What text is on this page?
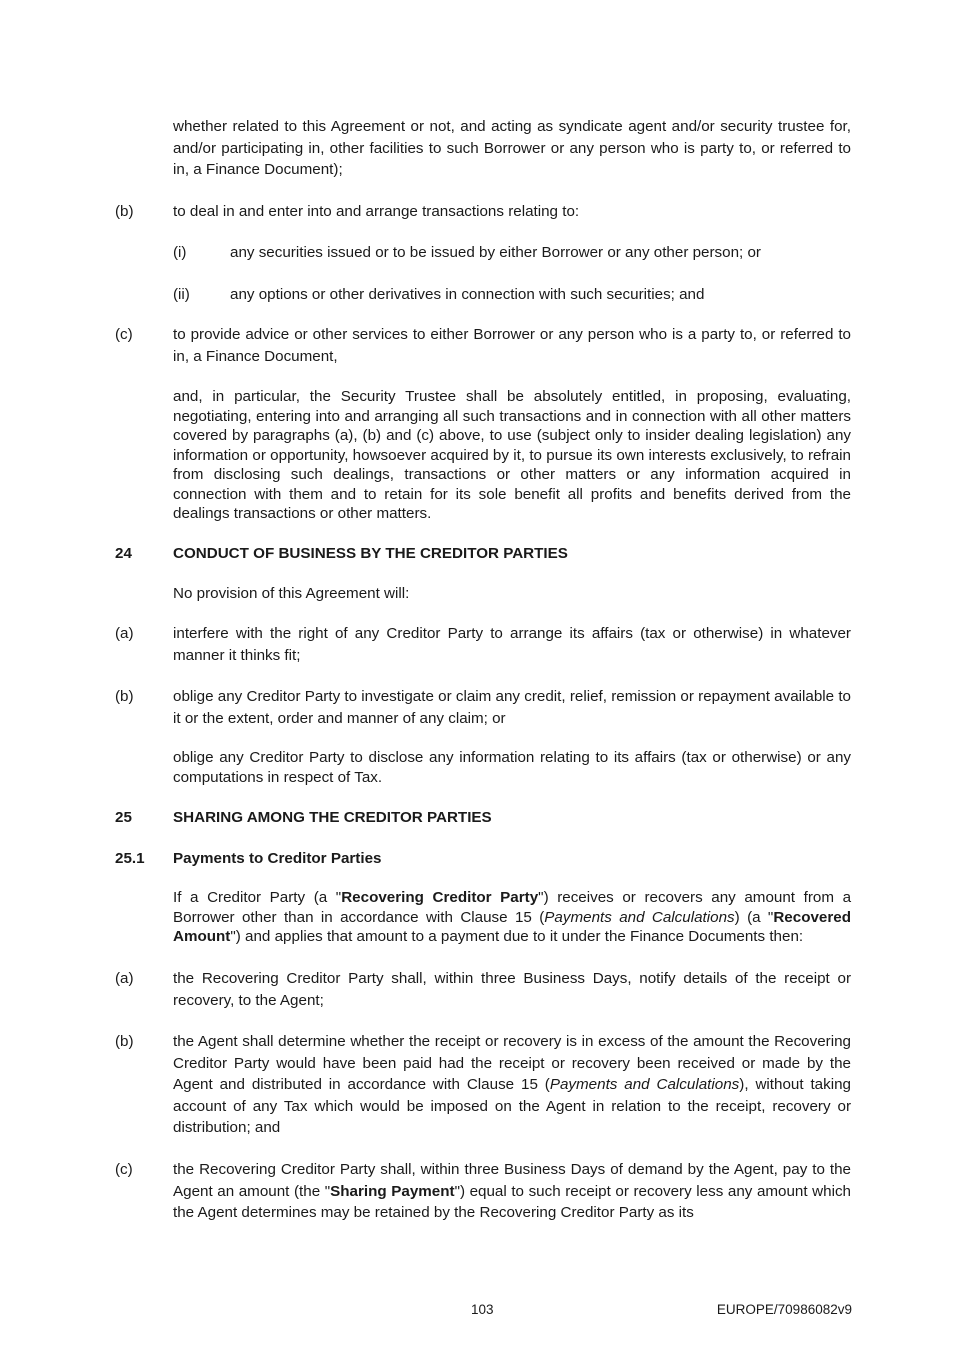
whether related to this Agreement or not, and acting as syndicate agent and/or security trustee for, and/or participating in, other facilities to such Borrower or any person who is party to, or referred to in, a Finance Document);

(b)	to deal in and enter into and arrange transactions relating to:

(i)	any securities issued or to be issued by either Borrower or any other person; or

(ii)	any options or other derivatives in connection with such securities; and

(c)	to provide advice or other services to either Borrower or any person who is a party to, or referred to in, a Finance Document,

and, in particular, the Security Trustee shall be absolutely entitled, in proposing, evaluating, negotiating, entering into and arranging all such transactions and in connection with all other matters covered by paragraphs (a), (b) and (c) above, to use (subject only to insider dealing legislation) any information or opportunity, howsoever acquired by it, to pursue its own interests exclusively, to refrain from disclosing such dealings, transactions or other matters or any information acquired in connection with them and to retain for its sole benefit all profits and benefits derived from the dealings transactions or other matters.

24	CONDUCT OF BUSINESS BY THE CREDITOR PARTIES

No provision of this Agreement will:

(a)	interfere with the right of any Creditor Party to arrange its affairs (tax or otherwise) in whatever manner it thinks fit;

(b)	oblige any Creditor Party to investigate or claim any credit, relief, remission or repayment available to it or the extent, order and manner of any claim; or

oblige any Creditor Party to disclose any information relating to its affairs (tax or otherwise) or any computations in respect of Tax.

25	SHARING AMONG THE CREDITOR PARTIES

25.1 Payments to Creditor Parties

If a Creditor Party (a "Recovering Creditor Party") receives or recovers any amount from a Borrower other than in accordance with Clause 15 (Payments and Calculations) (a "Recovered Amount") and applies that amount to a payment due to it under the Finance Documents then:

(a)	the Recovering Creditor Party shall, within three Business Days, notify details of the receipt or recovery, to the Agent;

(b)	the Agent shall determine whether the receipt or recovery is in excess of the amount the Recovering Creditor Party would have been paid had the receipt or recovery been received or made by the Agent and distributed in accordance with Clause 15 (Payments and Calculations), without taking account of any Tax which would be imposed on the Agent in relation to the receipt, recovery or distribution; and

(c)	the Recovering Creditor Party shall, within three Business Days of demand by the Agent, pay to the Agent an amount (the "Sharing Payment") equal to such receipt or recovery less any amount which the Agent determines may be retained by the Recovering Creditor Party as its

103	EUROPE/70986082v9
